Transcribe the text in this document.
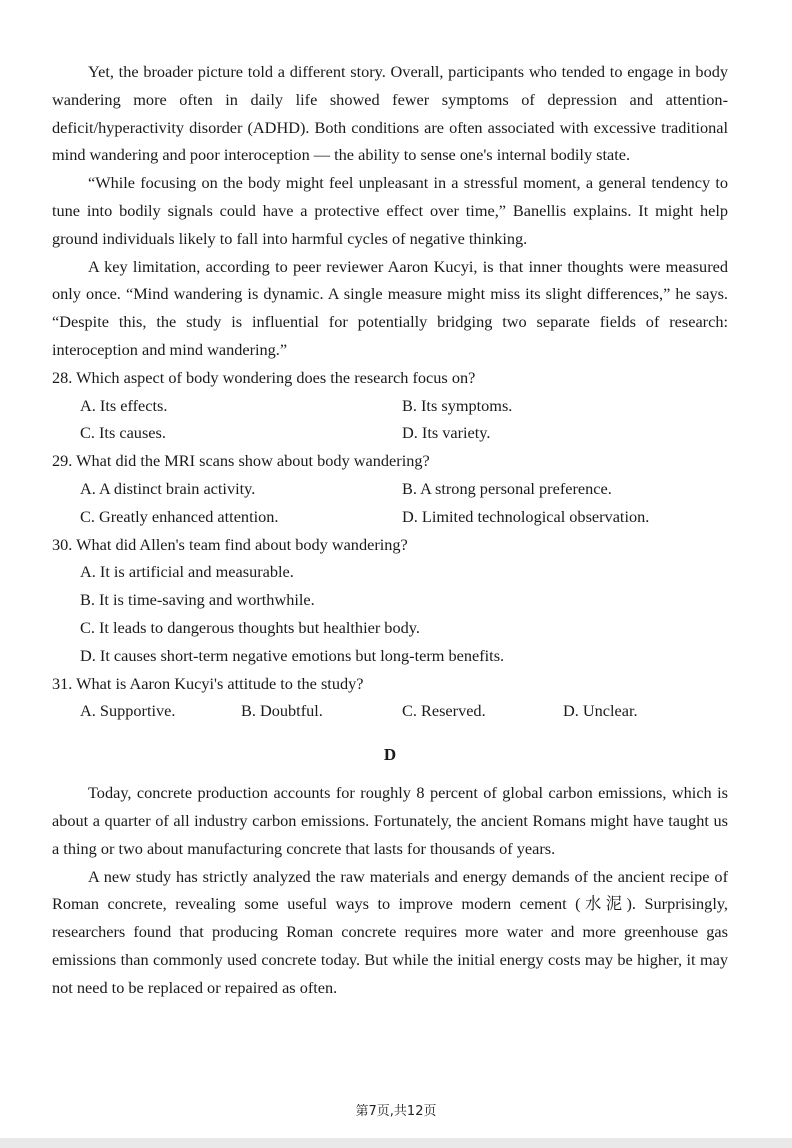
Yet, the broader picture told a different story. Overall, participants who tended to engage in body wandering more often in daily life showed fewer symptoms of depression and attention-deficit/hyperactivity disorder (ADHD). Both conditions are often associated with excessive traditional mind wandering and poor interoception — the ability to sense one's internal bodily state.

“While focusing on the body might feel unpleasant in a stressful moment, a general tendency to tune into bodily signals could have a protective effect over time,” Banellis explains. It might help ground individuals likely to fall into harmful cycles of negative thinking.

A key limitation, according to peer reviewer Aaron Kucyi, is that inner thoughts were measured only once. “Mind wandering is dynamic. A single measure might miss its slight differences,” he says. “Despite this, the study is influential for potentially bridging two separate fields of research: interoception and mind wandering.”

28. Which aspect of body wondering does the research focus on?

A. Its effects.	B. Its symptoms.
C. Its causes.	D. Its variety.

29. What did the MRI scans show about body wandering?

A. A distinct brain activity.	B. A strong personal preference.
C. Greatly enhanced attention.	D. Limited technological observation.

30. What did Allen's team find about body wandering?

A. It is artificial and measurable.
B. It is time-saving and worthwhile.
C. It leads to dangerous thoughts but healthier body.
D. It causes short-term negative emotions but long-term benefits.

31. What is Aaron Kucyi's attitude to the study?

A. Supportive.	B. Doubtful.	C. Reserved.	D. Unclear.
D

Today, concrete production accounts for roughly 8 percent of global carbon emissions, which is about a quarter of all industry carbon emissions. Fortunately, the ancient Romans might have taught us a thing or two about manufacturing concrete that lasts for thousands of years.

A new study has strictly analyzed the raw materials and energy demands of the ancient recipe of Roman concrete, revealing some useful ways to improve modern cement (水泥). Surprisingly, researchers found that producing Roman concrete requires more water and more greenhouse gas emissions than commonly used concrete today. But while the initial energy costs may be higher, it may not need to be replaced or repaired as often.

第7页,共12页
